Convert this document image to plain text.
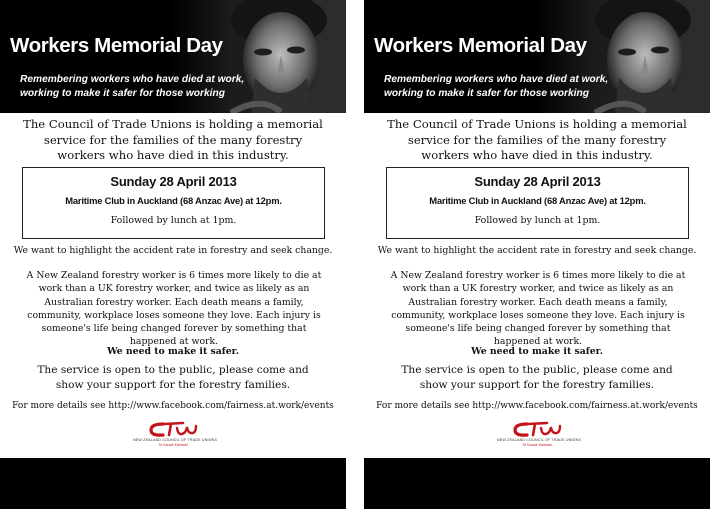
Workers Memorial Day
Remembering workers who have died at work, working to make it safer for those working
The Council of Trade Unions is holding a memorial service for the families of the many forestry workers who have died in this industry.
Sunday 28 April 2013
Maritime Club in Auckland (68 Anzac Ave) at 12pm.
Followed by lunch at 1pm.
We want to highlight the accident rate in forestry and seek change.
A New Zealand forestry worker is 6 times more likely to die at work than a UK forestry worker, and twice as likely as an Australian forestry worker. Each death means a family, community, workplace loses someone they love. Each injury is someone's life being changed forever by something that happened at work.
We need to make it safer.
The service is open to the public, please come and show your support for the forestry families.
For more details see http://www.facebook.com/fairness.at.work/events
NEW ZEALAND COUNCIL OF TRADE UNIONS
Te Kauae Kaimahi
Workers Memorial Day
Remembering workers who have died at work, working to make it safer for those working
The Council of Trade Unions is holding a memorial service for the families of the many forestry workers who have died in this industry.
Sunday 28 April 2013
Maritime Club in Auckland (68 Anzac Ave) at 12pm.
Followed by lunch at 1pm.
We want to highlight the accident rate in forestry and seek change.
A New Zealand forestry worker is 6 times more likely to die at work than a UK forestry worker, and twice as likely as an Australian forestry worker. Each death means a family, community, workplace loses someone they love. Each injury is someone's life being changed forever by something that happened at work.
We need to make it safer.
The service is open to the public, please come and show your support for the forestry families.
For more details see http://www.facebook.com/fairness.at.work/events
NEW ZEALAND COUNCIL OF TRADE UNIONS
Te Kauae Kaimahi
